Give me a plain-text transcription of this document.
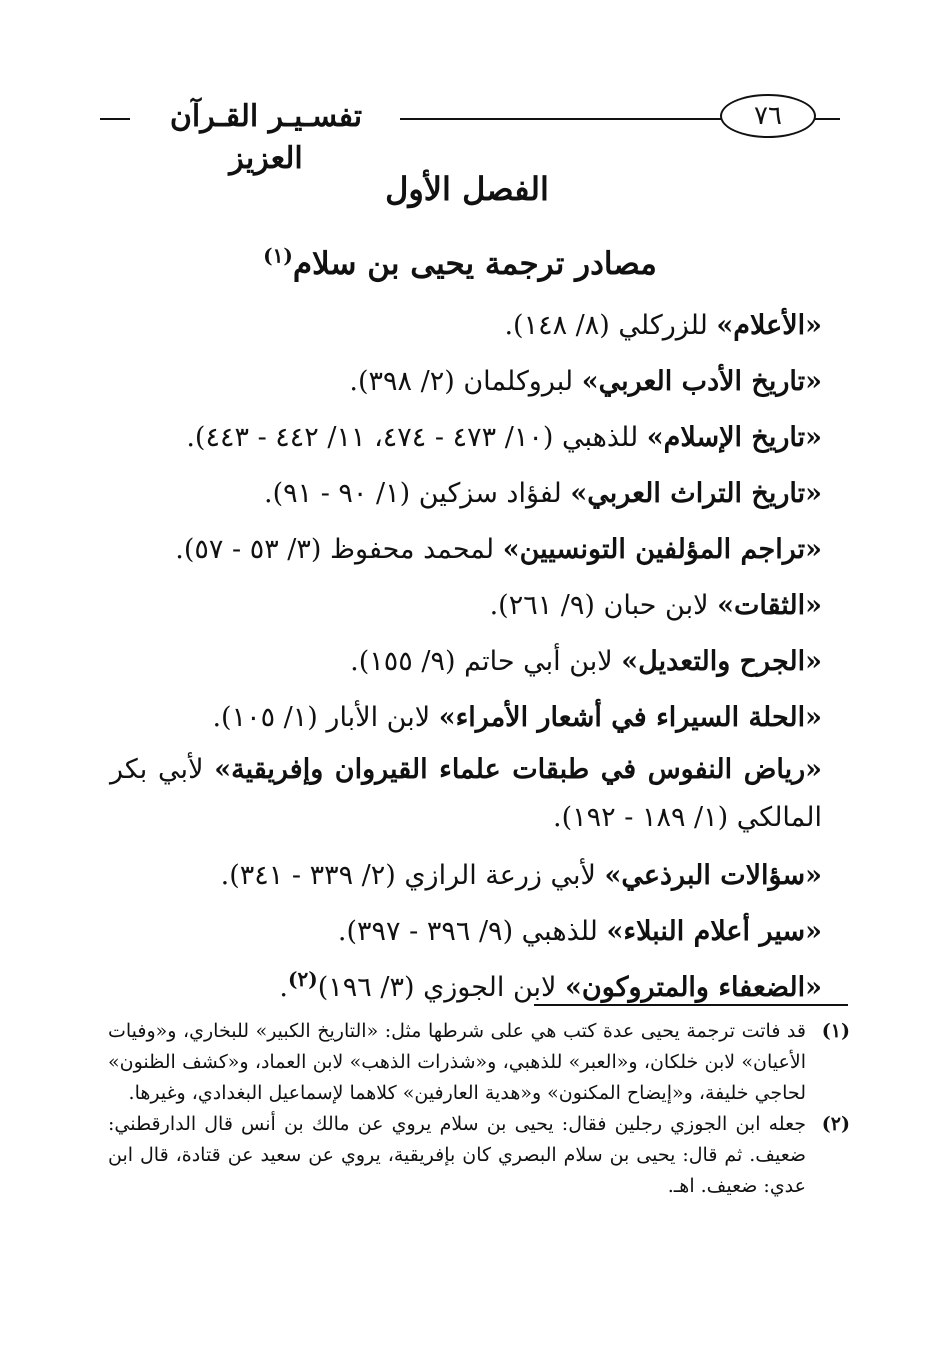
تفسـيـر القـرآن العزيز
٧٦
الفصل الأول
مصادر ترجمة يحيى بن سلام$^{(١)}$

«الأعلام» للزركلي (٨/ ١٤٨).

«تاريخ الأدب العربي» لبروكلمان (٢/ ٣٩٨).

«تاريخ الإسلام» للذهبي (١٠/ ٤٧٣ - ٤٧٤، ١١/ ٤٤٢ - ٤٤٣).

«تاريخ التراث العربي» لفؤاد سزكين (١/ ٩٠ - ٩١).

«تراجم المؤلفين التونسيين» لمحمد محفوظ (٣/ ٥٣ - ٥٧).

«الثقات» لابن حبان (٩/ ٢٦١).

«الجرح والتعديل» لابن أبي حاتم (٩/ ١٥٥).

«الحلة السيراء في أشعار الأمراء» لابن الأبار (١/ ١٠٥).

«رياض النفوس في طبقات علماء القيروان وإفريقية» لأبي بكر المالكي (١/ ١٨٩ - ١٩٢).

«سؤالات البرذعي» لأبي زرعة الرازي (٢/ ٣٣٩ - ٣٤١).

«سير أعلام النبلاء» للذهبي (٩/ ٣٩٦ - ٣٩٧).

«الضعفاء والمتروكون» لابن الجوزي (٣/ ١٩٦)$^{(٢)}$.

(١)
قد فاتت ترجمة يحيى عدة كتب هي على شرطها مثل: «التاريخ الكبير» للبخاري، و«وفيات الأعيان» لابن خلكان، و«العبر» للذهبي، و«شذرات الذهب» لابن العماد، و«كشف الظنون» لحاجي خليفة، و«إيضاح المكنون» و«هدية العارفين» كلاهما لإسماعيل البغدادي، وغيرها.
(٢)
جعله ابن الجوزي رجلين فقال: يحيى بن سلام يروي عن مالك بن أنس قال الدارقطني: ضعيف. ثم قال: يحيى بن سلام البصري كان بإفريقية، يروي عن سعيد عن قتادة، قال ابن عدي: ضعيف. اهـ.
